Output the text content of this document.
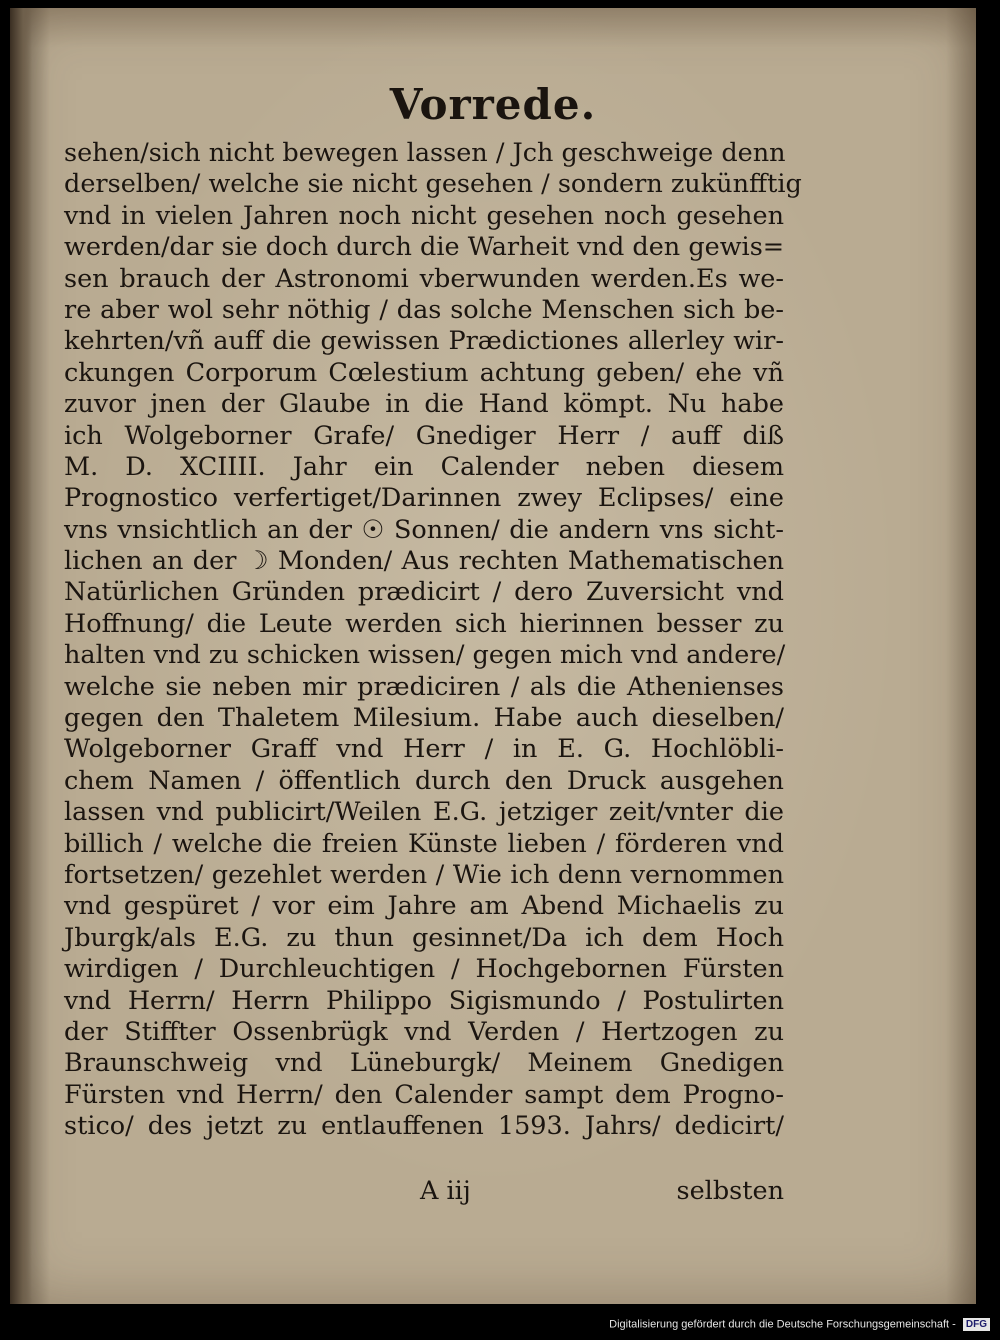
Vorrede.
sehen/sich nicht bewegen lassen / Jch geschweige denn
derselben/ welche sie nicht gesehen / sondern zukünfftig
vnd in vielen Jahren noch nicht gesehen noch gesehen
werden/dar sie doch durch die Warheit vnd den gewis=
sen brauch der Astronomi vberwunden werden.Es we-
re aber wol sehr nöthig / das solche Menschen sich be-
kehrten/vñ auff die gewissen Prædictiones allerley wir-
ckungen Corporum Cœlestium achtung geben/ ehe vñ
zuvor jnen der Glaube in die Hand kömpt. Nu habe
ich Wolgeborner Grafe/ Gnediger Herr / auff diß
M. D. XCIIII. Jahr ein Calender neben diesem
Prognostico verfertiget/Darinnen zwey Eclipses/ eine
vns vnsichtlich an der ☉ Sonnen/ die andern vns sicht-
lichen an der ☽ Monden/ Aus rechten Mathematischen
Natürlichen Gründen prædicirt / dero Zuversicht vnd
Hoffnung/ die Leute werden sich hierinnen besser zu
halten vnd zu schicken wissen/ gegen mich vnd andere/
welche sie neben mir prædiciren / als die Athenienses
gegen den Thaletem Milesium. Habe auch dieselben/
Wolgeborner Graff vnd Herr / in E. G. Hochlöbli-
chem Namen / öffentlich durch den Druck ausgehen
lassen vnd publicirt/Weilen E.G. jetziger zeit/vnter die
billich / welche die freien Künste lieben / förderen vnd
fortsetzen/ gezehlet werden / Wie ich denn vernommen
vnd gespüret / vor eim Jahre am Abend Michaelis zu
Jburgk/als E.G. zu thun gesinnet/Da ich dem Hoch
wirdigen / Durchleuchtigen / Hochgebornen Fürsten
vnd Herrn/ Herrn Philippo Sigismundo / Postulirten
der Stiffter Ossenbrügk vnd Verden / Hertzogen zu
Braunschweig vnd Lüneburgk/ Meinem Gnedigen
Fürsten vnd Herrn/ den Calender sampt dem Progno-
stico/ des jetzt zu entlauffenen 1593. Jahrs/ dedicirt/
A iij	selbsten
Digitalisierung gefördert durch die Deutsche Forschungsgemeinschaft - DFG
